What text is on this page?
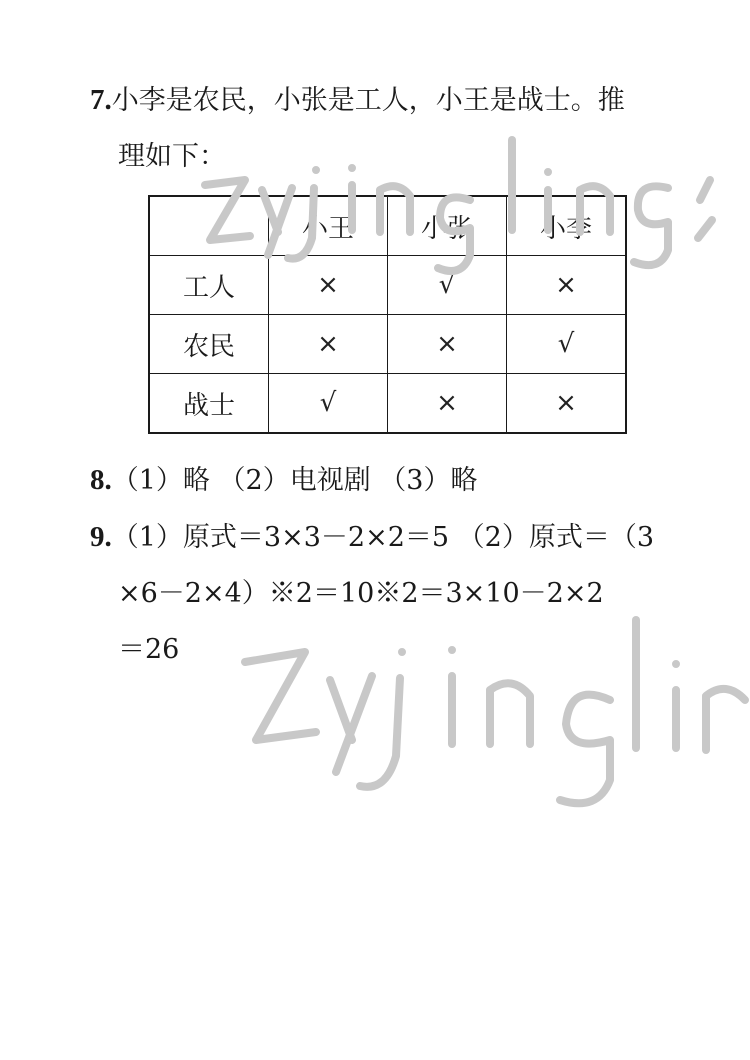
7.小李是农民，小张是工人，小王是战士。推
理如下：
	小王	小张	小李
工人	×	√	×
农民	×	×	√
战士	√	×	×
8.（1）略 （2）电视剧 （3）略
9.（1）原式＝3×3－2×2＝5 （2）原式＝（3
×6－2×4）※2＝10※2＝3×10－2×2
＝26
